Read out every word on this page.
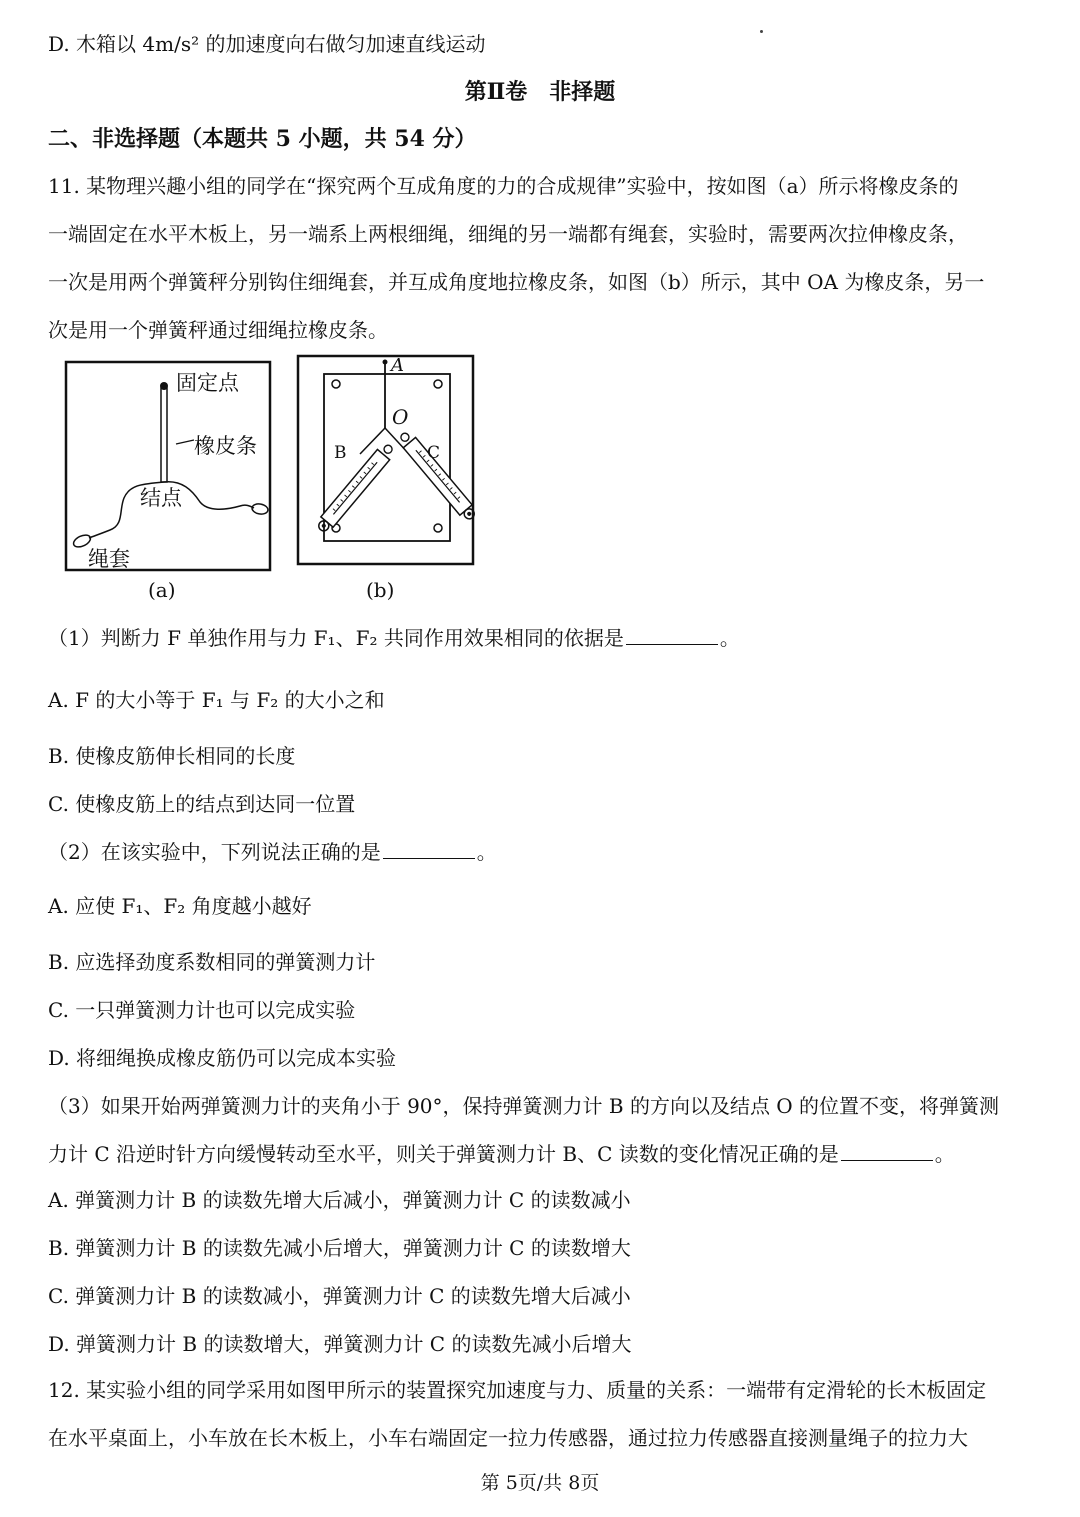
D. 木箱以 4m/s² 的加速度向右做匀加速直线运动
第Ⅱ卷　非择题
二、非选择题（本题共 5 小题，共 54 分）
11. 某物理兴趣小组的同学在“探究两个互成角度的力的合成规律”实验中，按如图（a）所示将橡皮条的
一端固定在水平木板上，另一端系上两根细绳，细绳的另一端都有绳套，实验时，需要两次拉伸橡皮条，
一次是用两个弹簧秤分别钩住细绳套，并互成角度地拉橡皮条，如图（b）所示，其中 OA 为橡皮条，另一
次是用一个弹簧秤通过细绳拉橡皮条。
固定点
橡皮条
结点
绳套
(a)
A
O
B	C
(b)
（1）判断力 F 单独作用与力 F₁、F₂ 共同作用效果相同的依据是	。
A. F 的大小等于 F₁ 与 F₂ 的大小之和
B. 使橡皮筋伸长相同的长度
C. 使橡皮筋上的结点到达同一位置
（2）在该实验中，下列说法正确的是	。
A. 应使 F₁、F₂ 角度越小越好
B. 应选择劲度系数相同的弹簧测力计
C. 一只弹簧测力计也可以完成实验
D. 将细绳换成橡皮筋仍可以完成本实验
（3）如果开始两弹簧测力计的夹角小于 90°，保持弹簧测力计 B 的方向以及结点 O 的位置不变，将弹簧测
力计 C 沿逆时针方向缓慢转动至水平，则关于弹簧测力计 B、C 读数的变化情况正确的是	。
A. 弹簧测力计 B 的读数先增大后减小，弹簧测力计 C 的读数减小
B. 弹簧测力计 B 的读数先减小后增大，弹簧测力计 C 的读数增大
C. 弹簧测力计 B 的读数减小，弹簧测力计 C 的读数先增大后减小
D. 弹簧测力计 B 的读数增大，弹簧测力计 C 的读数先减小后增大
12. 某实验小组的同学采用如图甲所示的装置探究加速度与力、质量的关系：一端带有定滑轮的长木板固定
在水平桌面上，小车放在长木板上，小车右端固定一拉力传感器，通过拉力传感器直接测量绳子的拉力大
第 5页/共 8页
